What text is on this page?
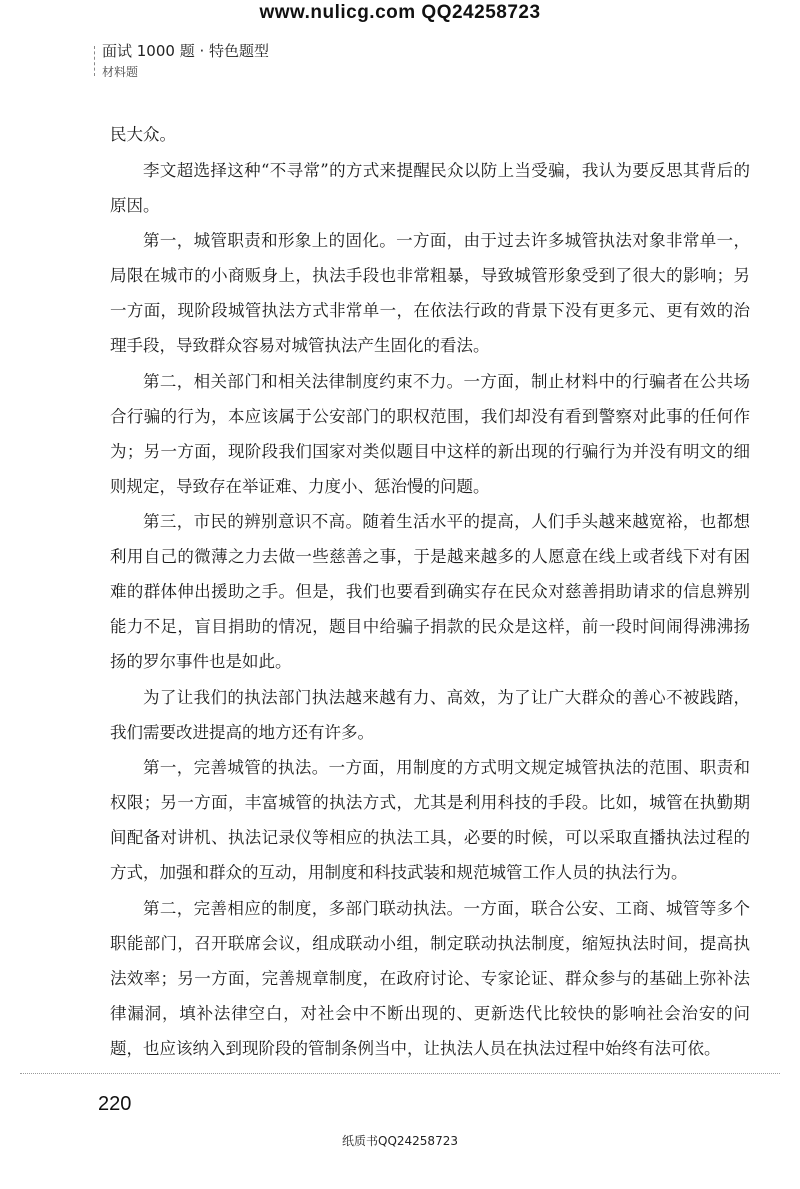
www.nulicg.com QQ24258723
面试 1000 题 · 特色题型
材料题

民大众。

李文超选择这种“不寻常”的方式来提醒民众以防上当受骗，我认为要反思其背后的原因。

第一，城管职责和形象上的固化。一方面，由于过去许多城管执法对象非常单一，局限在城市的小商贩身上，执法手段也非常粗暴，导致城管形象受到了很大的影响；另一方面，现阶段城管执法方式非常单一，在依法行政的背景下没有更多元、更有效的治理手段，导致群众容易对城管执法产生固化的看法。

第二，相关部门和相关法律制度约束不力。一方面，制止材料中的行骗者在公共场合行骗的行为，本应该属于公安部门的职权范围，我们却没有看到警察对此事的任何作为；另一方面，现阶段我们国家对类似题目中这样的新出现的行骗行为并没有明文的细则规定，导致存在举证难、力度小、惩治慢的问题。

第三，市民的辨别意识不高。随着生活水平的提高，人们手头越来越宽裕，也都想利用自己的微薄之力去做一些慈善之事，于是越来越多的人愿意在线上或者线下对有困难的群体伸出援助之手。但是，我们也要看到确实存在民众对慈善捐助请求的信息辨别能力不足，盲目捐助的情况，题目中给骗子捐款的民众是这样，前一段时间闹得沸沸扬扬的罗尔事件也是如此。

为了让我们的执法部门执法越来越有力、高效，为了让广大群众的善心不被践踏，我们需要改进提高的地方还有许多。

第一，完善城管的执法。一方面，用制度的方式明文规定城管执法的范围、职责和权限；另一方面，丰富城管的执法方式，尤其是利用科技的手段。比如，城管在执勤期间配备对讲机、执法记录仪等相应的执法工具，必要的时候，可以采取直播执法过程的方式，加强和群众的互动，用制度和科技武装和规范城管工作人员的执法行为。

第二，完善相应的制度，多部门联动执法。一方面，联合公安、工商、城管等多个职能部门，召开联席会议，组成联动小组，制定联动执法制度，缩短执法时间，提高执法效率；另一方面，完善规章制度，在政府讨论、专家论证、群众参与的基础上弥补法律漏洞，填补法律空白，对社会中不断出现的、更新迭代比较快的影响社会治安的问题，也应该纳入到现阶段的管制条例当中，让执法人员在执法过程中始终有法可依。

220
纸质书QQ24258723
